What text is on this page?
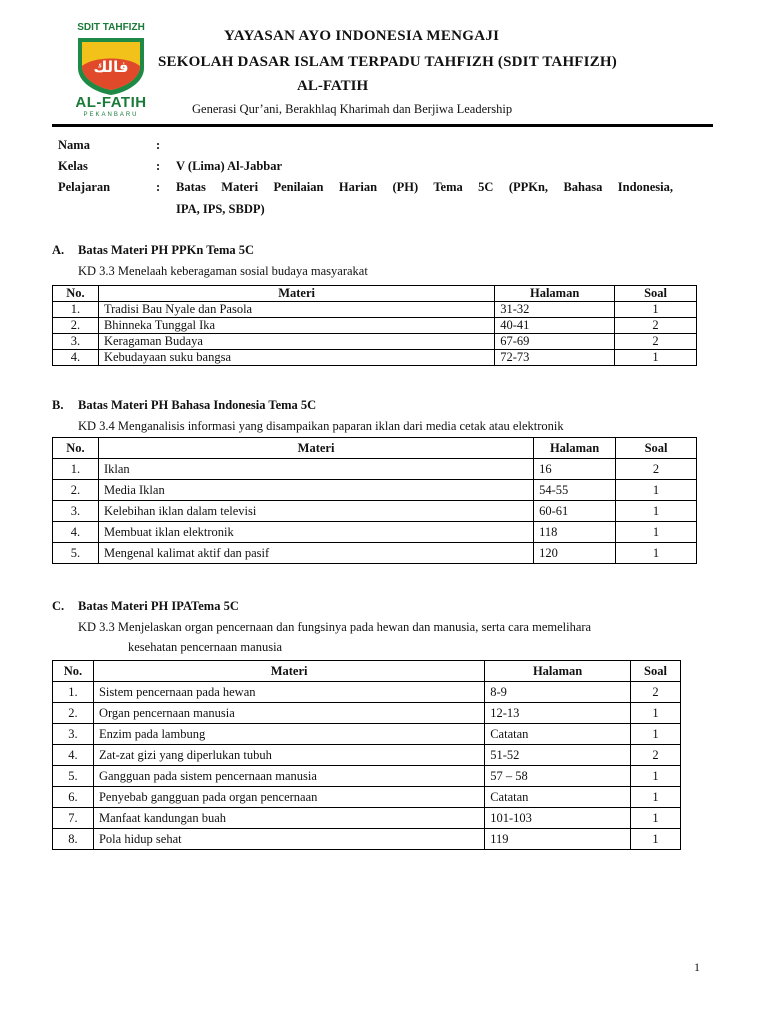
SDIT TAHFIZH
ﻓﺎﻟﻚ
AL-FATIH
PEKANBARU
YAYASAN AYO INDONESIA MENGAJI
SEKOLAH DASAR ISLAM TERPADU TAHFIZH (SDIT TAHFIZH)
AL-FATIH
Generasi Qur’ani, Berakhlaq Kharimah dan Berjiwa Leadership
Nama	:
Kelas	: V (Lima) Al-Jabbar
Pelajaran	: Batas Materi Penilaian Harian (PH) Tema 5C (PPKn, Bahasa Indonesia,
IPA, IPS, SBDP)
A. Batas Materi PH PPKn Tema 5C
KD 3.3 Menelaah keberagaman sosial budaya masyarakat
No.	Materi	Halaman	Soal
1.	Tradisi Bau Nyale dan Pasola	31-32	1
2.	Bhinneka Tunggal Ika	40-41	2
3.	Keragaman Budaya	67-69	2
4.	Kebudayaan suku bangsa	72-73	1
B. Batas Materi PH Bahasa Indonesia Tema 5C
KD 3.4 Menganalisis informasi yang disampaikan paparan iklan dari media cetak atau elektronik
No.	Materi	Halaman	Soal
1.	Iklan	16	2
2.	Media Iklan	54-55	1
3.	Kelebihan iklan dalam televisi	60-61	1
4.	Membuat iklan elektronik	118	1
5.	Mengenal kalimat aktif dan pasif	120	1
C. Batas Materi PH IPATema 5C
KD 3.3 Menjelaskan organ pencernaan dan fungsinya pada hewan dan manusia, serta cara memelihara
kesehatan pencernaan manusia
No.	Materi	Halaman	Soal
1.	Sistem pencernaan pada hewan	8-9	2
2.	Organ pencernaan manusia	12-13	1
3.	Enzim pada lambung	Catatan	1
4.	Zat-zat gizi yang diperlukan tubuh	51-52	2
5.	Gangguan pada sistem pencernaan manusia	57 – 58	1
6.	Penyebab gangguan pada organ pencernaan	Catatan	1
7.	Manfaat kandungan buah	101-103	1
8.	Pola hidup sehat	119	1
1
